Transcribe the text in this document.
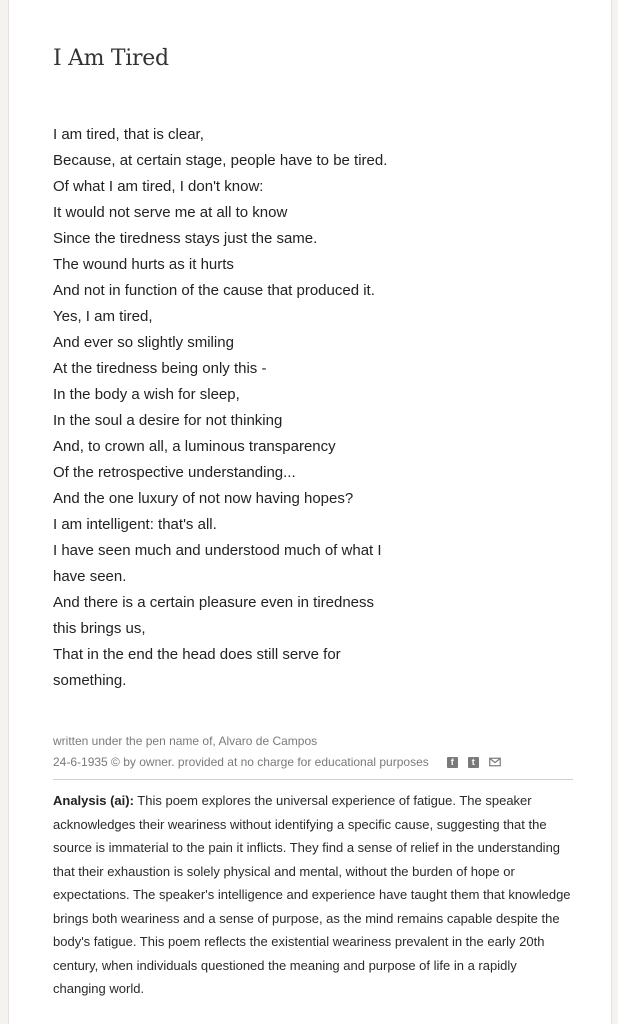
I Am Tired
I am tired, that is clear,
Because, at certain stage, people have to be tired.
Of what I am tired, I don't know:
It would not serve me at all to know
Since the tiredness stays just the same.
The wound hurts as it hurts
And not in function of the cause that produced it.
Yes, I am tired,
And ever so slightly smiling
At the tiredness being only this -
In the body a wish for sleep,
In the soul a desire for not thinking
And, to crown all, a luminous transparency
Of the retrospective understanding...
And the one luxury of not now having hopes?
I am intelligent: that's all.
I have seen much and understood much of what I
have seen.
And there is a certain pleasure even in tiredness
this brings us,
That in the end the head does still serve for
something.
written under the pen name of, Alvaro de Campos
24-6-1935 © by owner. provided at no charge for educational purposes	f	t

Analysis (ai): This poem explores the universal experience of fatigue. The speaker acknowledges their weariness without identifying a specific cause, suggesting that the source is immaterial to the pain it inflicts. They find a sense of relief in the understanding that their exhaustion is solely physical and mental, without the burden of hope or expectations. The speaker's intelligence and experience have taught them that knowledge brings both weariness and a sense of purpose, as the mind remains capable despite the body's fatigue. This poem reflects the existential weariness prevalent in the early 20th century, when individuals questioned the meaning and purpose of life in a rapidly changing world.
